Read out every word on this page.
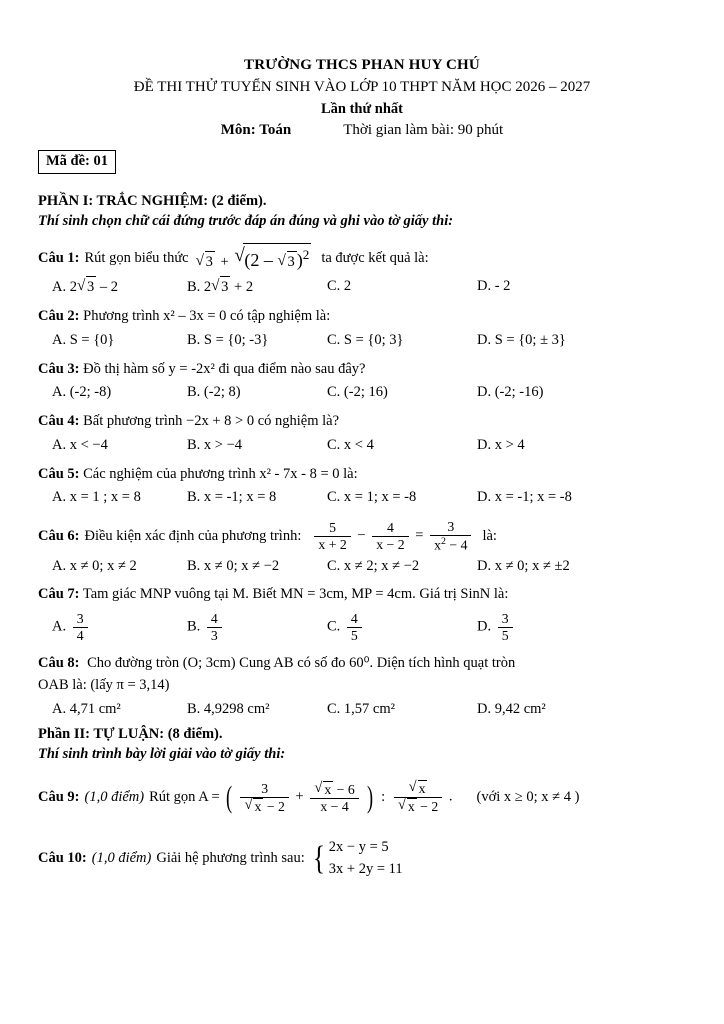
TRƯỜNG THCS PHAN HUY CHÚ
ĐỀ THI THỬ TUYỂN SINH VÀO LỚP 10 THPT NĂM HỌC 2026 – 2027
Lần thứ nhất
Môn: Toán	Thời gian làm bài: 90 phút
Mã đề: 01
PHẦN I: TRẮC NGHIỆM: (2 điểm).
Thí sinh chọn chữ cái đứng trước đáp án đúng và ghi vào tờ giấy thi:
Câu 1: Rút gọn biểu thức	√ 3 + √ (2 – √ 3 )$^2$ ta được kết quả là:
A. 2 √ 3 – 2	B. 2 √ 3 + 2	C. 2	D. - 2
Câu 2: Phương trình x² – 3x = 0 có tập nghiệm là:
A. S = {0}	B. S = {0; -3}	C. S = {0; 3}	D. S = {0; ± 3}
Câu 3: Đồ thị hàm số y = -2x² đi qua điểm nào sau đây?
A. (-2; -8)	B. (-2; 8)	C. (-2; 16)	D. (-2; -16)
Câu 4: Bất phương trình −2x + 8 > 0 có nghiệm là?
A. x < −4	B. x > −4	C. x < 4	D. x > 4
Câu 5: Các nghiệm của phương trình x² - 7x - 8 = 0 là:
A. x = 1 ; x = 8	B. x = -1; x = 8	C. x = 1; x = -8	D. x = -1; x = -8
Câu 6: Điều kiện xác định của phương trình: $\frac{5}{x + 2} - \frac{4}{x - 2} = \frac{3}{x^2 - 4}$ là:
A. x ≠ 0; x ≠ 2	B. x ≠ 0; x ≠ −2	C. x ≠ 2; x ≠ −2	D. x ≠ 0; x ≠ ±2
Câu 7: Tam giác MNP vuông tại M. Biết MN = 3cm, MP = 4cm. Giá trị SinN là:
A. $\frac{3}{4}$	B. $\frac{4}{3}$	C. $\frac{4}{5}$	D. $\frac{3}{5}$
Câu 8: Cho đường tròn (O; 3cm) Cung AB có số đo 60⁰. Diện tích hình quạt tròn
OAB là: (lấy π = 3,14)
A. 4,71 cm²	B. 4,9298 cm²	C. 1,57 cm²	D. 9,42 cm²
Phần II: TỰ LUẬN: (8 điểm).
Thí sinh trình bày lời giải vào tờ giấy thi:
Câu 9: (1,0 điểm) Rút gọn A = ( 3
√ x − 2 + √ $\frac{x - 6}{x - 4}$ ) : √ x
√ x − 2 . (với x ≥ 0; x ≠ 4 )
Câu 10: (1,0 điểm) Giải hệ phương trình sau: { 2x − y = 5
3x + 2y = 11
